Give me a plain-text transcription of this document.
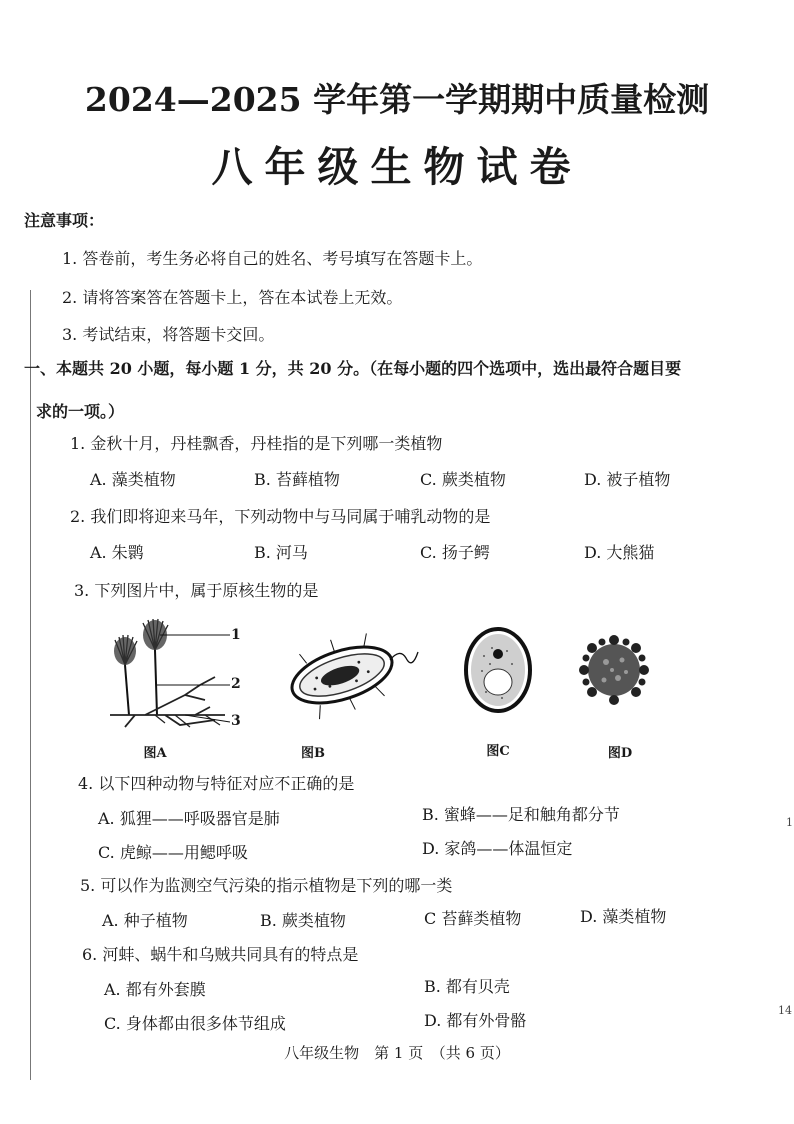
2024—2025 学年第一学期期中质量检测
八年级生物试卷
注意事项：
1. 答卷前，考生务必将自己的姓名、考号填写在答题卡上。
2. 请将答案答在答题卡上，答在本试卷上无效。
3. 考试结束，将答题卡交回。
一、本题共 20 小题，每小题 1 分，共 20 分。（在每小题的四个选项中，选出最符合题目要
求的一项。）
1. 金秋十月，丹桂飘香，丹桂指的是下列哪一类植物
A. 藻类植物	B. 苔藓植物	C. 蕨类植物	D. 被子植物
2. 我们即将迎来马年，下列动物中与马同属于哺乳动物的是
A. 朱鹮	B. 河马	C. 扬子鳄	D. 大熊猫
3. 下列图片中，属于原核生物的是
1
2
3
图A	图B	图C	图D
4. 以下四种动物与特征对应不正确的是
A. 狐狸——呼吸器官是肺	B. 蜜蜂——足和触角都分节
C. 虎鲸——用鳃呼吸	D. 家鸽——体温恒定
5. 可以作为监测空气污染的指示植物是下列的哪一类
A. 种子植物	B. 蕨类植物	C 苔藓类植物	D. 藻类植物
6. 河蚌、蜗牛和乌贼共同具有的特点是
A. 都有外套膜	B. 都有贝壳
C. 身体都由很多体节组成	D. 都有外骨骼
八年级生物　第 1 页　（共 6 页）
1
14
